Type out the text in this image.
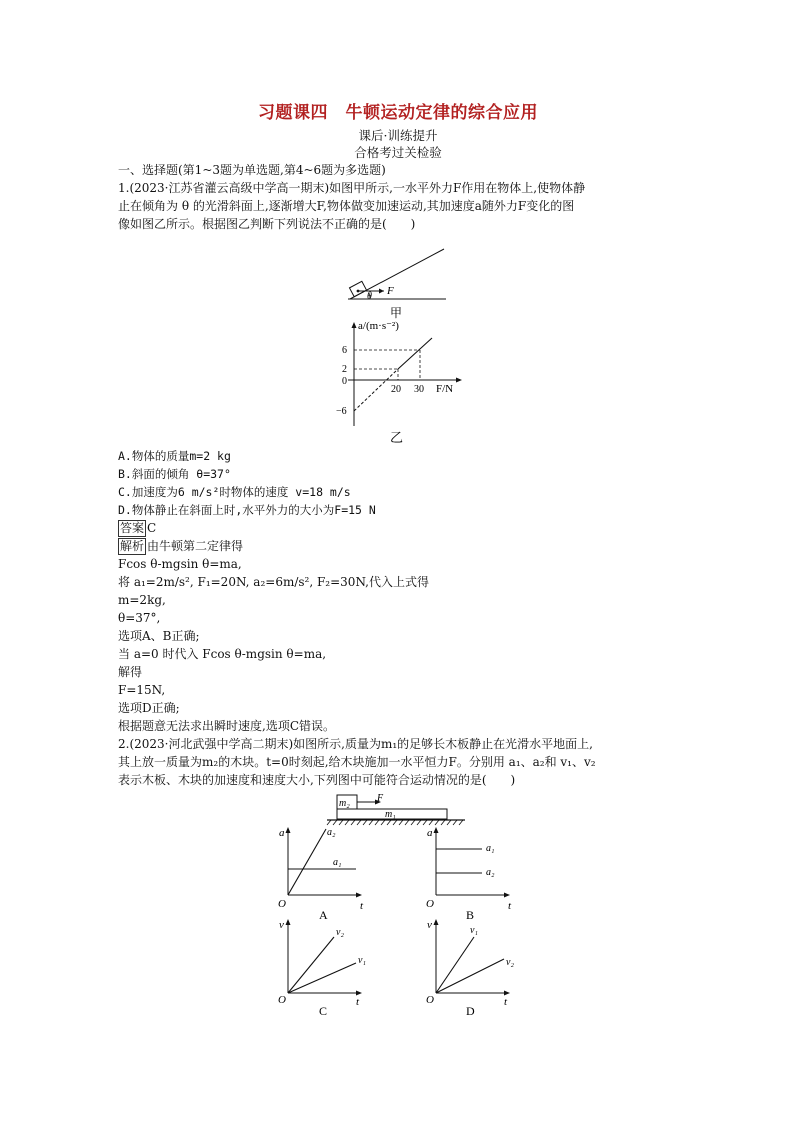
习题课四　牛顿运动定律的综合应用
课后·训练提升
合格考过关检验
一、选择题(第1~3题为单选题,第4~6题为多选题)
1.(2023·江苏省灌云高级中学高一期末)如图甲所示,一水平外力F作用在物体上,使物体静
止在倾角为 θ 的光滑斜面上,逐渐增大F,物体做变加速运动,其加速度a随外力F变化的图
像如图乙所示。根据图乙判断下列说法不正确的是(　　)
F
θ
甲
a/(m·s⁻²)
F/N
6
2
0
−6
20 30
乙
A.物体的质量m=2 kg
B.斜面的倾角 θ=37°
C.加速度为6 m/s²时物体的速度 v=18 m/s
D.物体静止在斜面上时,水平外力的大小为F=15 N
答案 C
解析 由牛顿第二定律得
Fcos θ-mgsin θ=ma,
将 a₁=2m/s², F₁=20N, a₂=6m/s², F₂=30N,代入上式得
m=2kg,
θ=37°,
选项A、B正确;
当 a=0 时代入 Fcos θ-mgsin θ=ma,
解得
F=15N,
选项D正确;
根据题意无法求出瞬时速度,选项C错误。
2.(2023·河北武强中学高二期末)如图所示,质量为m₁的足够长木板静止在光滑水平地面上,
其上放一质量为m₂的木块。t=0时刻起,给木块施加一水平恒力F。分别用 a₁、a₂和 v₁、v₂
表示木板、木块的加速度和速度大小,下列图中可能符合运动情况的是(　　)
m₂	F
m₁
a
t
O
a₂
a₁
A
a
t
O
a₁
a₂
B
v
t
O
v₂
v₁
C
v
t
O
v₁
v₂
D
